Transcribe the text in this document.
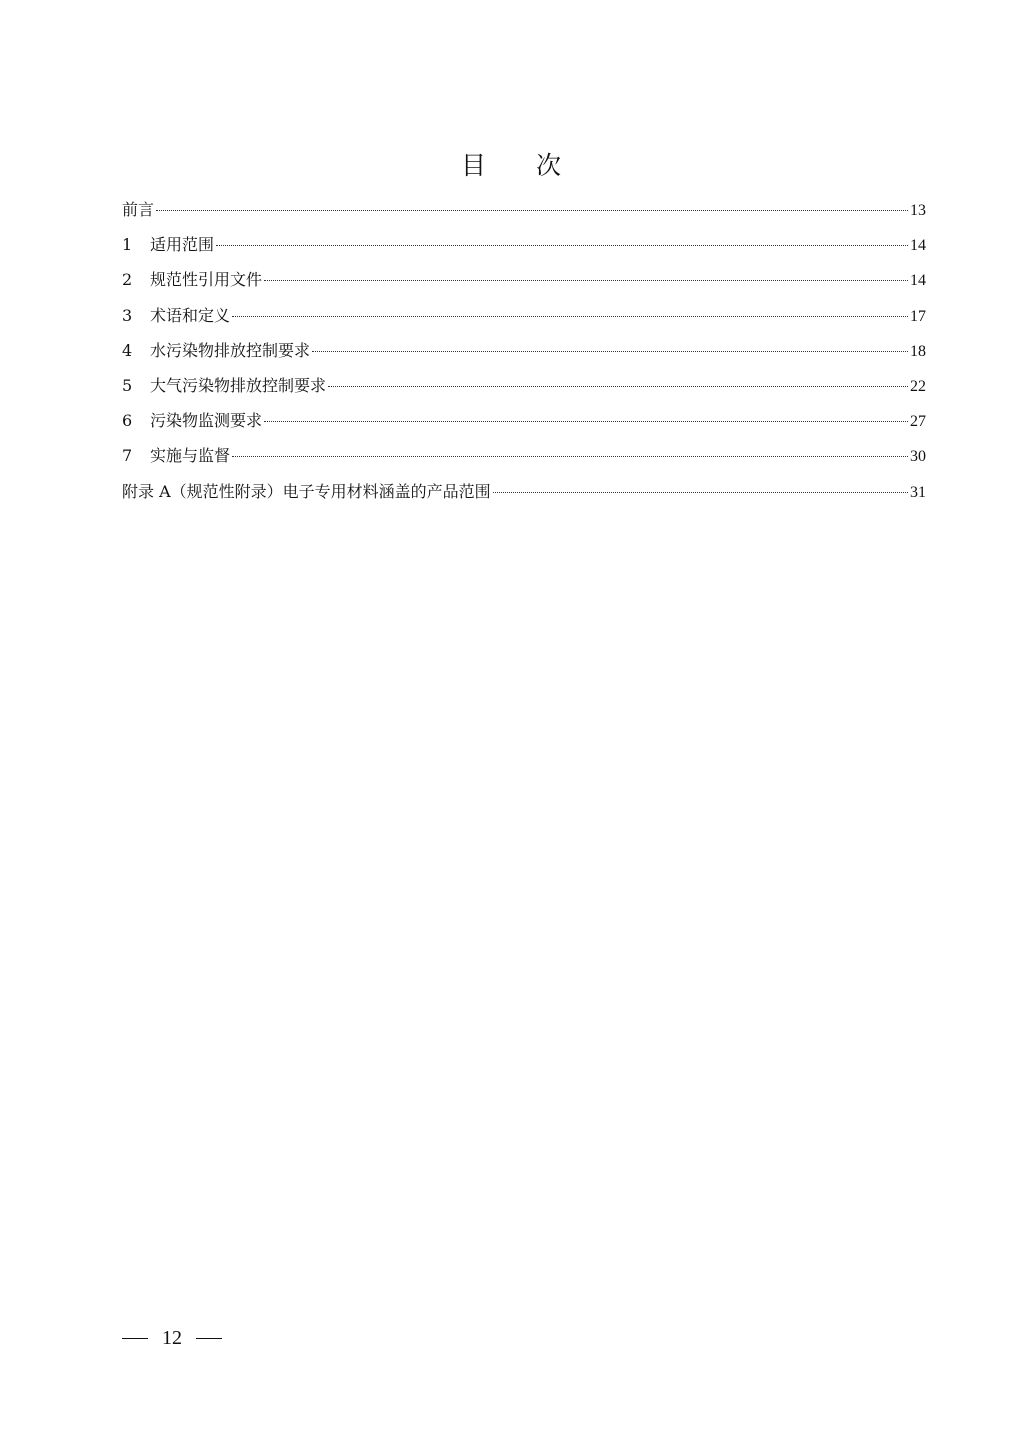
目 次
前言	13
1	适用范围	14
2	规范性引用文件	14
3	术语和定义	17
4	水污染物排放控制要求	18
5	大气污染物排放控制要求	22
6	污染物监测要求	27
7	实施与监督	30
附录 A（规范性附录）电子专用材料涵盖的产品范围	31
12
